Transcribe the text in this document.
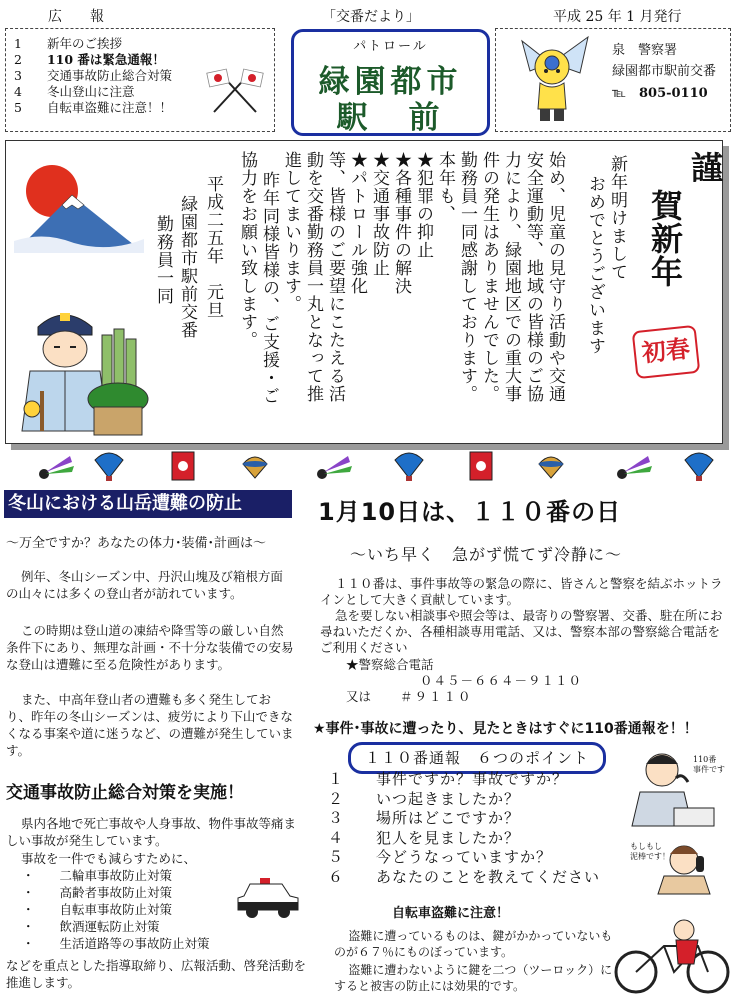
広　　報	「交番だより」	平成 25 年 1 月発行
1　　 新年のご挨拶
2　　 110 番は緊急通報！
3　　 交通事故防止総合対策
4　　 冬山登山に注意
5　　 自転車盗難に注意！！
パトロール
緑園都市
駅　前
泉　警察署
緑園都市駅前交番
℡　 805-0110
謹
賀新年
初春
新年明けまして
おめでとうございます
始め、児童の見守り活動や交通
安全運動等、地域の皆様のご協
力により、緑園地区での重大事
件の発生はありませんでした。
勤務員一同感謝しております。
本年も、
★犯罪の抑止
★各種事件の解決
★交通事故防止
★パトロール強化
等、皆様のご要望にこたえる活
動を交番勤務員一丸となって推
進してまいります。
昨年同様皆様の、ご支援・ご
協力をお願い致します。
平成二五年　元旦
緑園都市駅前交番
勤務員一同
冬山における山岳遭難の防止
～万全ですか？あなたの体力･装備･計画は～
例年、冬山シーズン中、丹沢山塊及び箱根方面の山々には多くの登山者が訪れています。
この時期は登山道の凍結や降雪等の厳しい自然条件下にあり、無理な計画・不十分な装備での安易な登山は遭難に至る危険性があります。
また、中高年登山者の遭難も多く発生しており、昨年の冬山シーズンは、疲労により下山できなくなる事案や道に迷うなど、の遭難が発生しています。
交通事故防止総合対策を実施！
県内各地で死亡事故や人身事故、物件事故等痛ましい事故が発生しています。
事故を一件でも減らすために、
・　　二輪車事故防止対策
・　　高齢者事故防止対策
・　　自転車事故防止対策
・　　飲酒運転防止対策
・　　生活道路等の事故防止対策
などを重点とした指導取締り、広報活動、啓発活動を推進します。
1月10日は、１１０番の日
～いち早く　急がず慌てず冷静に～
１１０番は、事件事故等の緊急の際に、皆さんと警察を結ぶホットラインとして大きく貢献しています。
急を要しない相談事や照会等は、最寄りの警察署、交番、駐在所にお尋ねいただくか、各種相談専用電話、又は、警察本部の警察総合電話をご利用ください
★警察総合電話
０４５－６６４－９１１０
又は ＃９１１０
★事件･事故に遭ったり、見たときはすぐに110番通報を！！
１１０番通報　６つのポイント
１　　 事件ですか？事故ですか？
２　　 いつ起きましたか？
３　　 場所はどこですか？
４　　 犯人を見ましたか？
５　　 今どうなっていますか？
６　　 あなたのことを教えてください
110番
事件です
もしもし
泥棒です！
自転車盗難に注意！
盗難に遭っているものは、鍵がかかっていないものが６７％にものぼっています。
盗難に遭わないように鍵を二つ（ツーロック）にすると被害の防止には効果的です。
